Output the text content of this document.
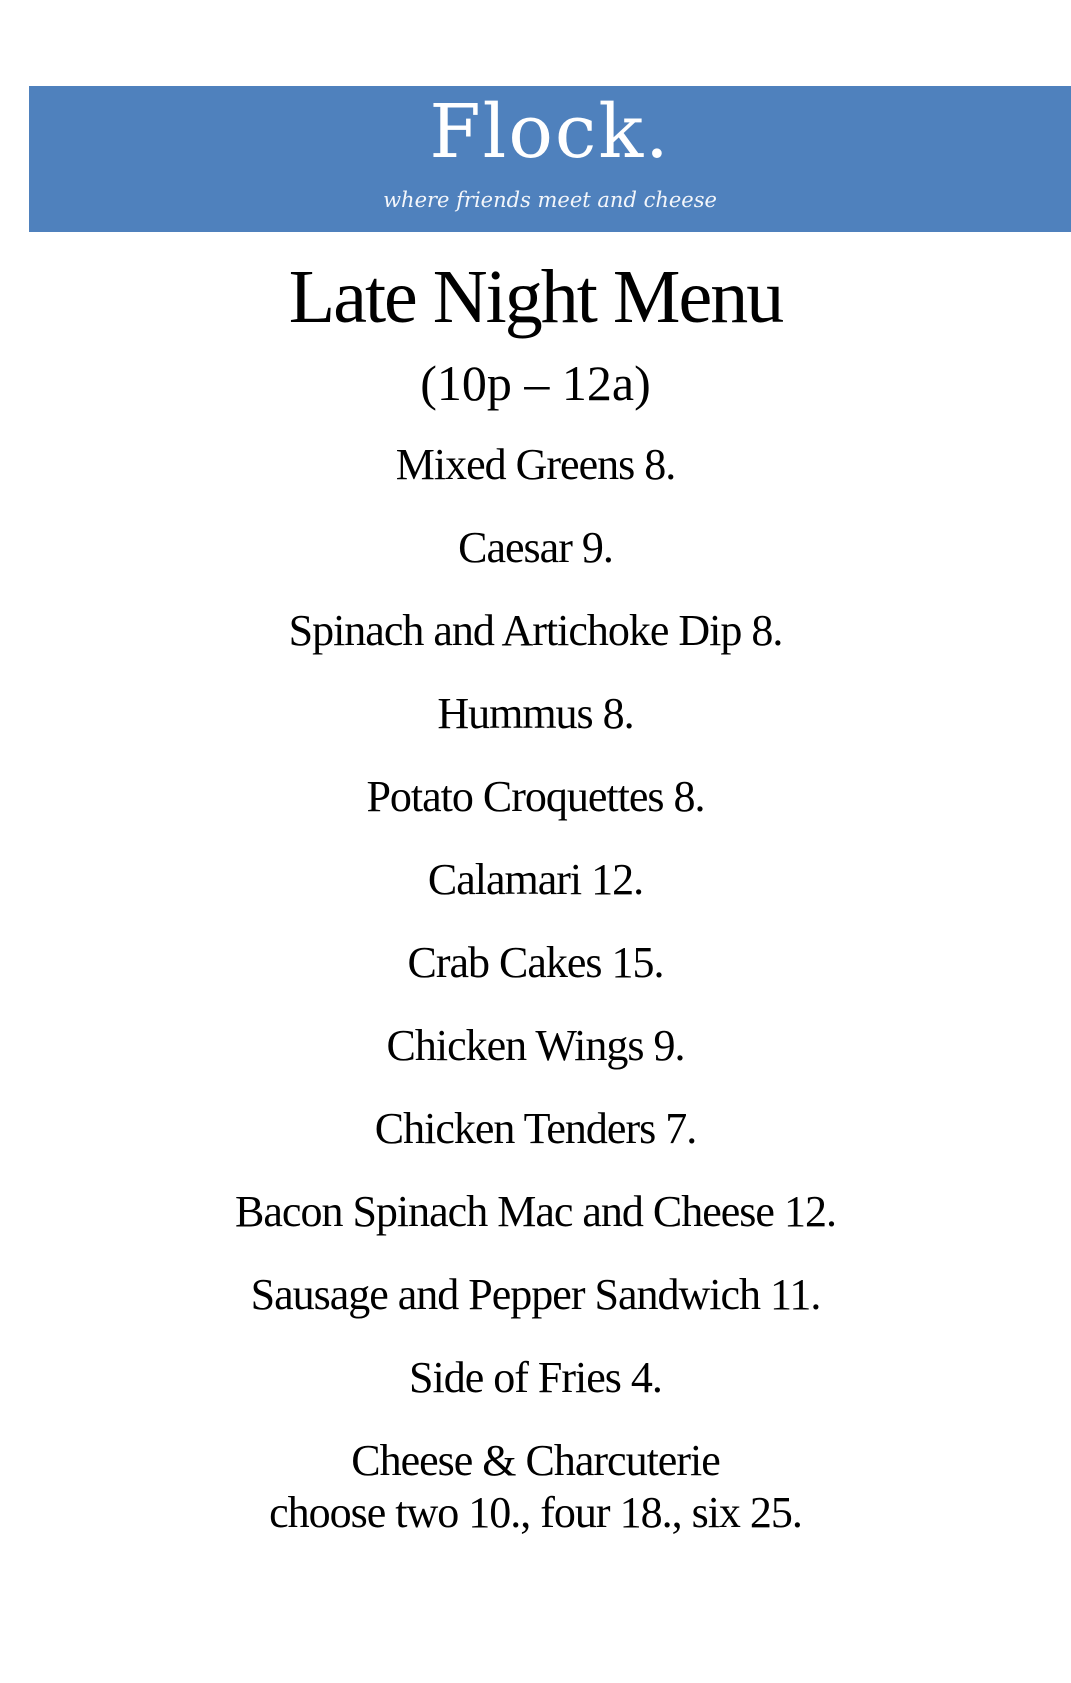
Flock.
where friends meet and cheese
Late Night Menu
(10p – 12a)
Mixed Greens 8.
Caesar 9.
Spinach and Artichoke Dip 8.
Hummus 8.
Potato Croquettes 8.
Calamari 12.
Crab Cakes 15.
Chicken Wings 9.
Chicken Tenders 7.
Bacon Spinach Mac and Cheese 12.
Sausage and Pepper Sandwich 11.
Side of Fries 4.
Cheese & Charcuterie
choose two 10., four 18., six 25.
